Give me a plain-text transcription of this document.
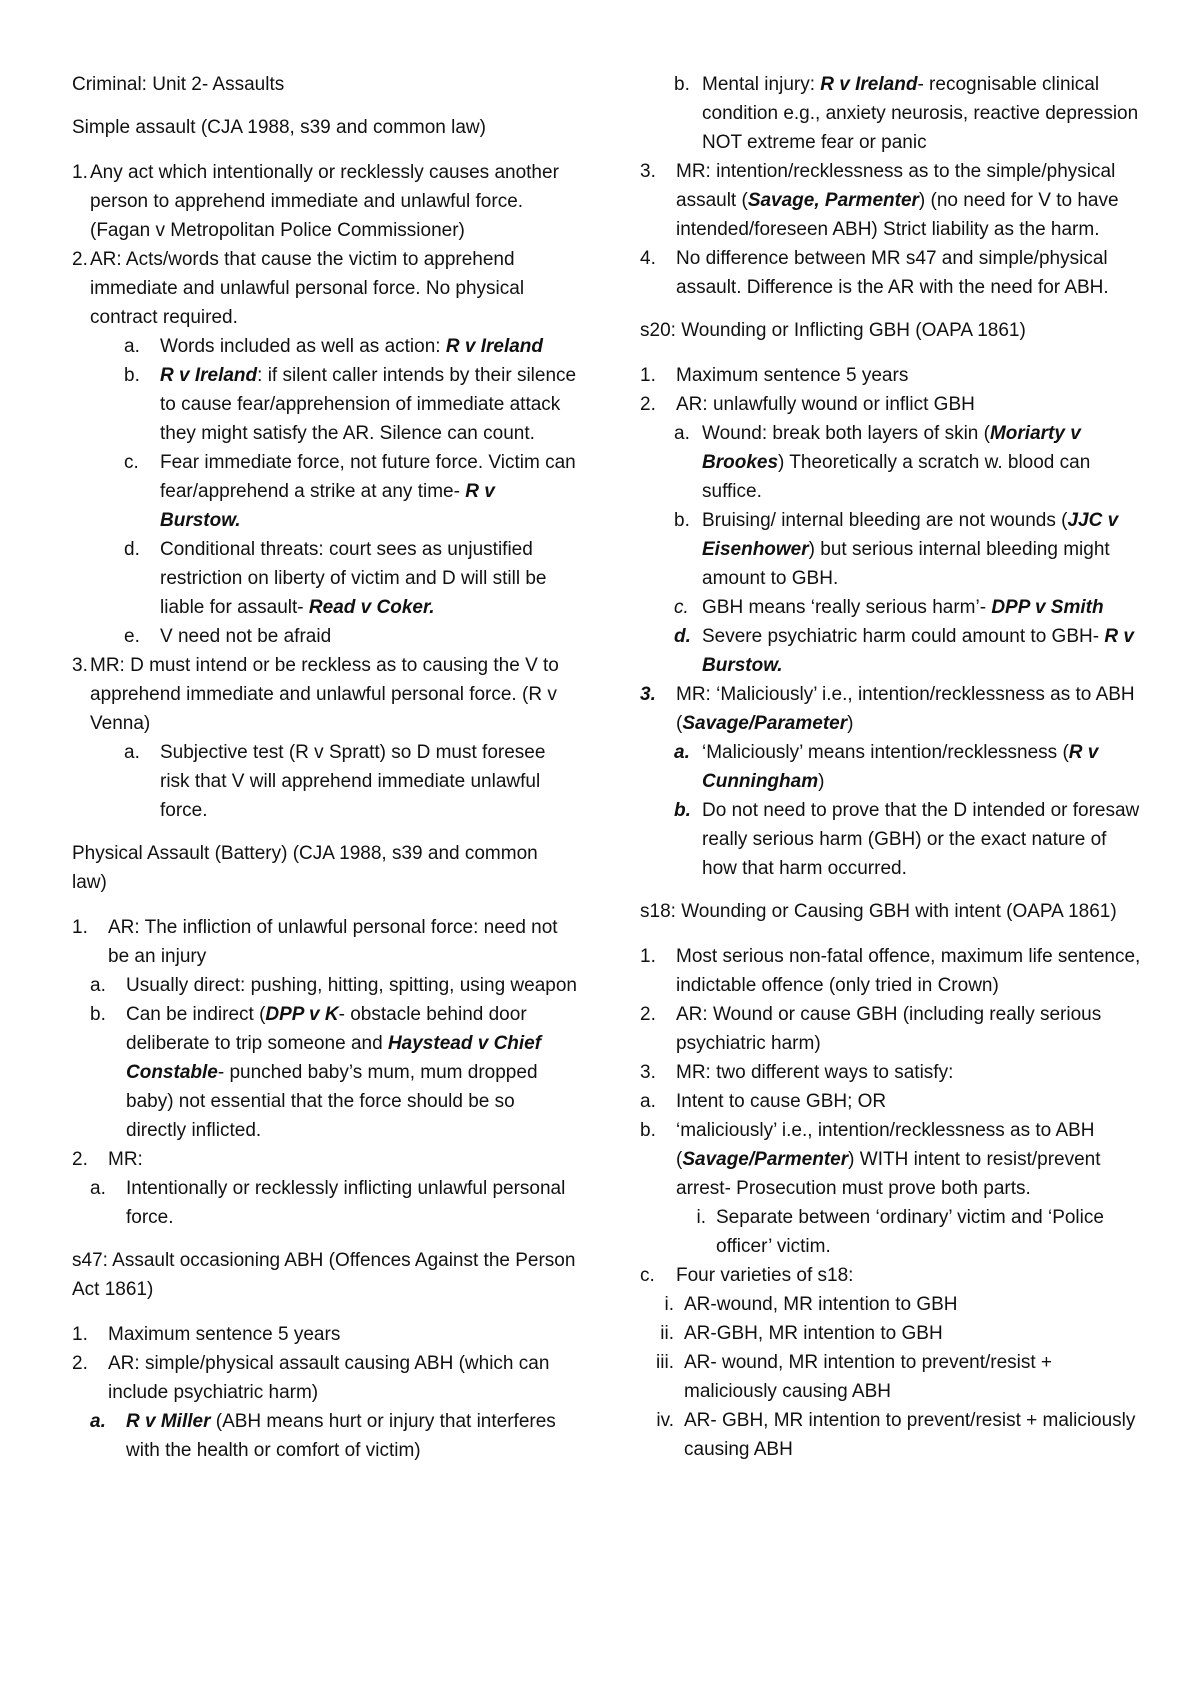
Criminal: Unit 2- Assaults
Simple assault (CJA 1988, s39 and common law)
1. Any act which intentionally or recklessly causes another person to apprehend immediate and unlawful force. (Fagan v Metropolitan Police Commissioner)
2. AR: Acts/words that cause the victim to apprehend immediate and unlawful personal force. No physical contract required.
a.	Words included as well as action: R v Ireland
b.	R v Ireland: if silent caller intends by their silence to cause fear/apprehension of immediate attack they might satisfy the AR. Silence can count.
c.	Fear immediate force, not future force. Victim can fear/apprehend a strike at any time- R v Burstow.
d.	Conditional threats: court sees as unjustified restriction on liberty of victim and D will still be liable for assault- Read v Coker.
e.	V need not be afraid
3. MR: D must intend or be reckless as to causing the V to apprehend immediate and unlawful personal force. (R v Venna)
a.	Subjective test (R v Spratt) so D must foresee risk that V will apprehend immediate unlawful force.
Physical Assault (Battery) (CJA 1988, s39 and common law)
1.	AR: The infliction of unlawful personal force: need not be an injury
a.	Usually direct: pushing, hitting, spitting, using weapon
b.	Can be indirect (DPP v K- obstacle behind door deliberate to trip someone and Haystead v Chief Constable- punched baby’s mum, mum dropped baby) not essential that the force should be so directly inflicted.
2.	MR:
a.	Intentionally or recklessly inflicting unlawful personal force.
s47: Assault occasioning ABH (Offences Against the Person Act 1861)
1.	Maximum sentence 5 years
2.	AR: simple/physical assault causing ABH (which can include psychiatric harm)
a.	R v Miller (ABH means hurt or injury that interferes with the health or comfort of victim)
b. Mental injury: R v Ireland- recognisable clinical condition e.g., anxiety neurosis, reactive depression NOT extreme fear or panic
3.	MR: intention/recklessness as to the simple/physical assault (Savage, Parmenter) (no need for V to have intended/foreseen ABH) Strict liability as the harm.
4.	No difference between MR s47 and simple/physical assault. Difference is the AR with the need for ABH.
s20: Wounding or Inflicting GBH (OAPA 1861)
1.	Maximum sentence 5 years
2.	AR: unlawfully wound or inflict GBH
a. Wound: break both layers of skin (Moriarty v Brookes) Theoretically a scratch w. blood can suffice.
b. Bruising/ internal bleeding are not wounds (JJC v Eisenhower) but serious internal bleeding might amount to GBH.
c. GBH means ‘really serious harm’- DPP v Smith
d. Severe psychiatric harm could amount to GBH- R v Burstow.
3.	MR: ‘Maliciously’ i.e., intention/recklessness as to ABH (Savage/Parameter)
a. ‘Maliciously’ means intention/recklessness (R v Cunningham)
b. Do not need to prove that the D intended or foresaw really serious harm (GBH) or the exact nature of how that harm occurred.
s18: Wounding or Causing GBH with intent (OAPA 1861)
1.	Most serious non-fatal offence, maximum life sentence, indictable offence (only tried in Crown)
2.	AR: Wound or cause GBH (including really serious psychiatric harm)
3.	MR: two different ways to satisfy:
a.	Intent to cause GBH; OR
b.	‘maliciously’ i.e., intention/recklessness as to ABH (Savage/Parmenter) WITH intent to resist/prevent arrest- Prosecution must prove both parts.
i. Separate between ‘ordinary’ victim and ‘Police officer’ victim.
c.	Four varieties of s18:
i. AR-wound, MR intention to GBH
ii. AR-GBH, MR intention to GBH
iii. AR- wound, MR intention to prevent/resist + maliciously causing ABH
iv. AR- GBH, MR intention to prevent/resist + maliciously causing ABH
